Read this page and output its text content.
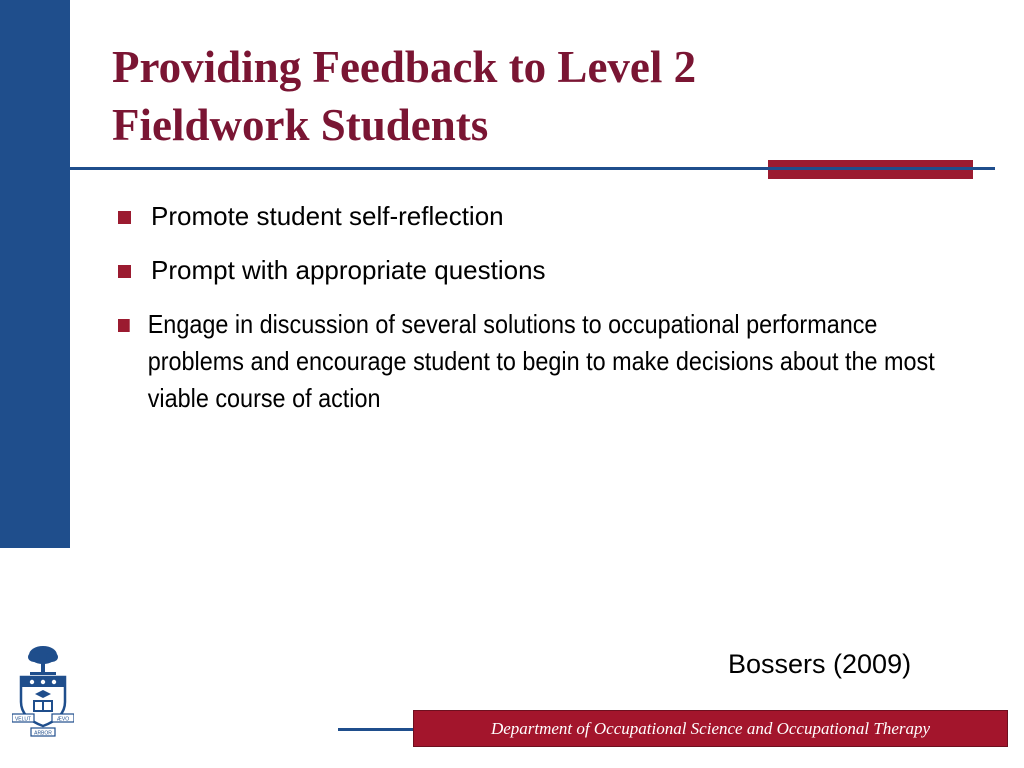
Providing Feedback to Level 2
Fieldwork Students
Promote student self-reflection
Prompt with appropriate questions
Engage in discussion of several solutions to occupational performance problems and encourage student to begin to make decisions about the most viable course of action
Bossers (2009)
VELUT	ÆVO
ARBOR	Department of Occupational Science and Occupational Therapy
